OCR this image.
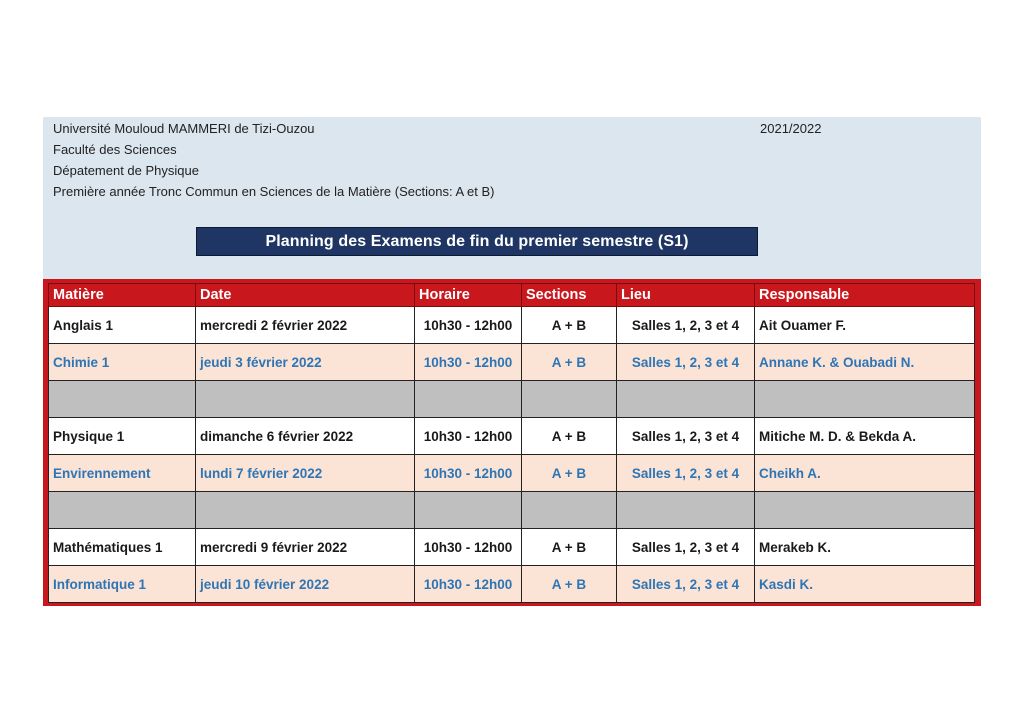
Université Mouloud MAMMERI de Tizi-Ouzou
Faculté des Sciences
Dépatement de Physique
Première année Tronc Commun en Sciences de la Matière (Sections: A et B)
2021/2022
Planning des Examens de fin du premier semestre (S1)
Matière	Date	Horaire	Sections	Lieu	Responsable
Anglais 1	mercredi 2 février 2022	10h30 - 12h00	A + B	Salles 1, 2, 3 et 4	Ait Ouamer F.
Chimie 1	jeudi 3 février 2022	10h30 - 12h00	A + B	Salles 1, 2, 3 et 4	Annane K. & Ouabadi N.

Physique 1	dimanche 6 février 2022	10h30 - 12h00	A + B	Salles 1, 2, 3 et 4	Mitiche M. D. & Bekda A.
Envirennement	lundi 7 février 2022	10h30 - 12h00	A + B	Salles 1, 2, 3 et 4	Cheikh A.

Mathématiques 1	mercredi 9 février 2022	10h30 - 12h00	A + B	Salles 1, 2, 3 et 4	Merakeb K.
Informatique 1	jeudi 10 février 2022	10h30 - 12h00	A + B	Salles 1, 2, 3 et 4	Kasdi K.
